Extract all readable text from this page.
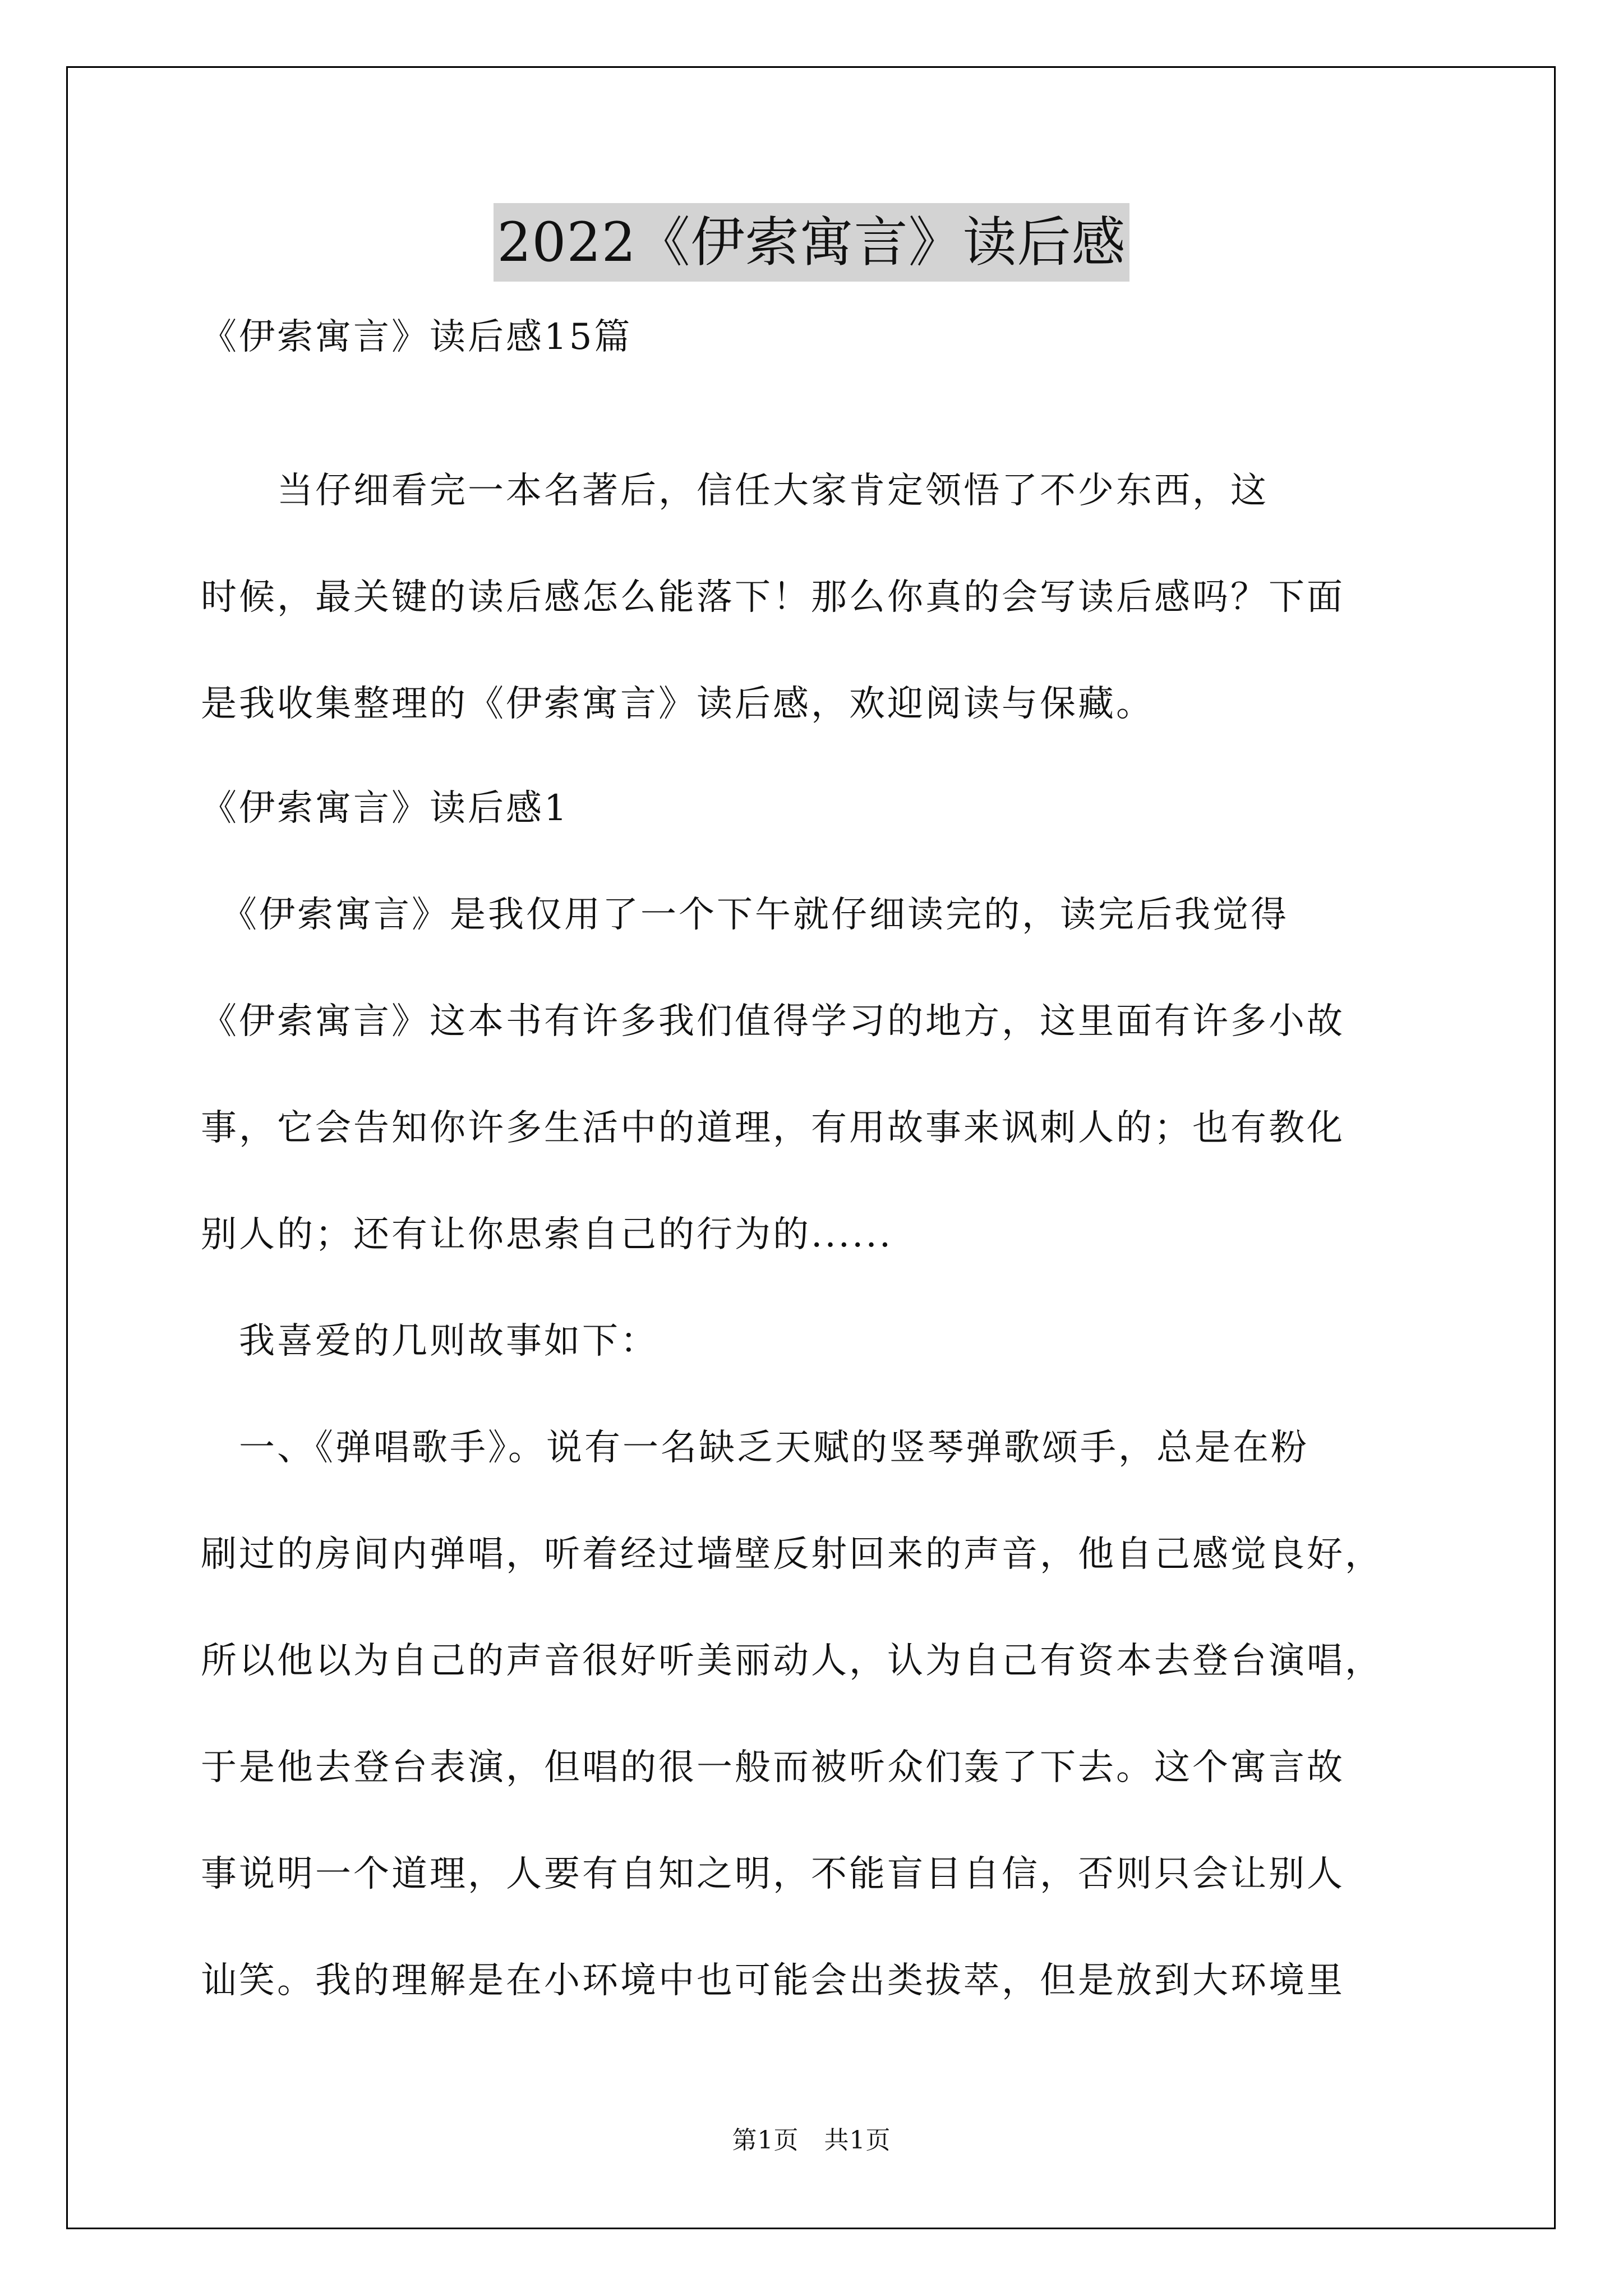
2022《伊索寓言》读后感
《伊索寓言》读后感15篇
　　当仔细看完一本名著后，信任大家肯定领悟了不少东西，这
时候，最关键的读后感怎么能落下！那么你真的会写读后感吗？下面
是我收集整理的《伊索寓言》读后感，欢迎阅读与保藏。
《伊索寓言》读后感1
　《伊索寓言》是我仅用了一个下午就仔细读完的，读完后我觉得
《伊索寓言》这本书有许多我们值得学习的地方，这里面有许多小故
事，它会告知你许多生活中的道理，有用故事来讽刺人的；也有教化
别人的；还有让你思索自己的行为的......
　我喜爱的几则故事如下：
　一、《弹唱歌手》。说有一名缺乏天赋的竖琴弹歌颂手，总是在粉
刷过的房间内弹唱，听着经过墙壁反射回来的声音，他自己感觉良好，
所以他以为自己的声音很好听美丽动人，认为自己有资本去登台演唱，
于是他去登台表演，但唱的很一般而被听众们轰了下去。这个寓言故
事说明一个道理，人要有自知之明，不能盲目自信，否则只会让别人
讪笑。我的理解是在小环境中也可能会出类拔萃，但是放到大环境里
第1页　共1页
